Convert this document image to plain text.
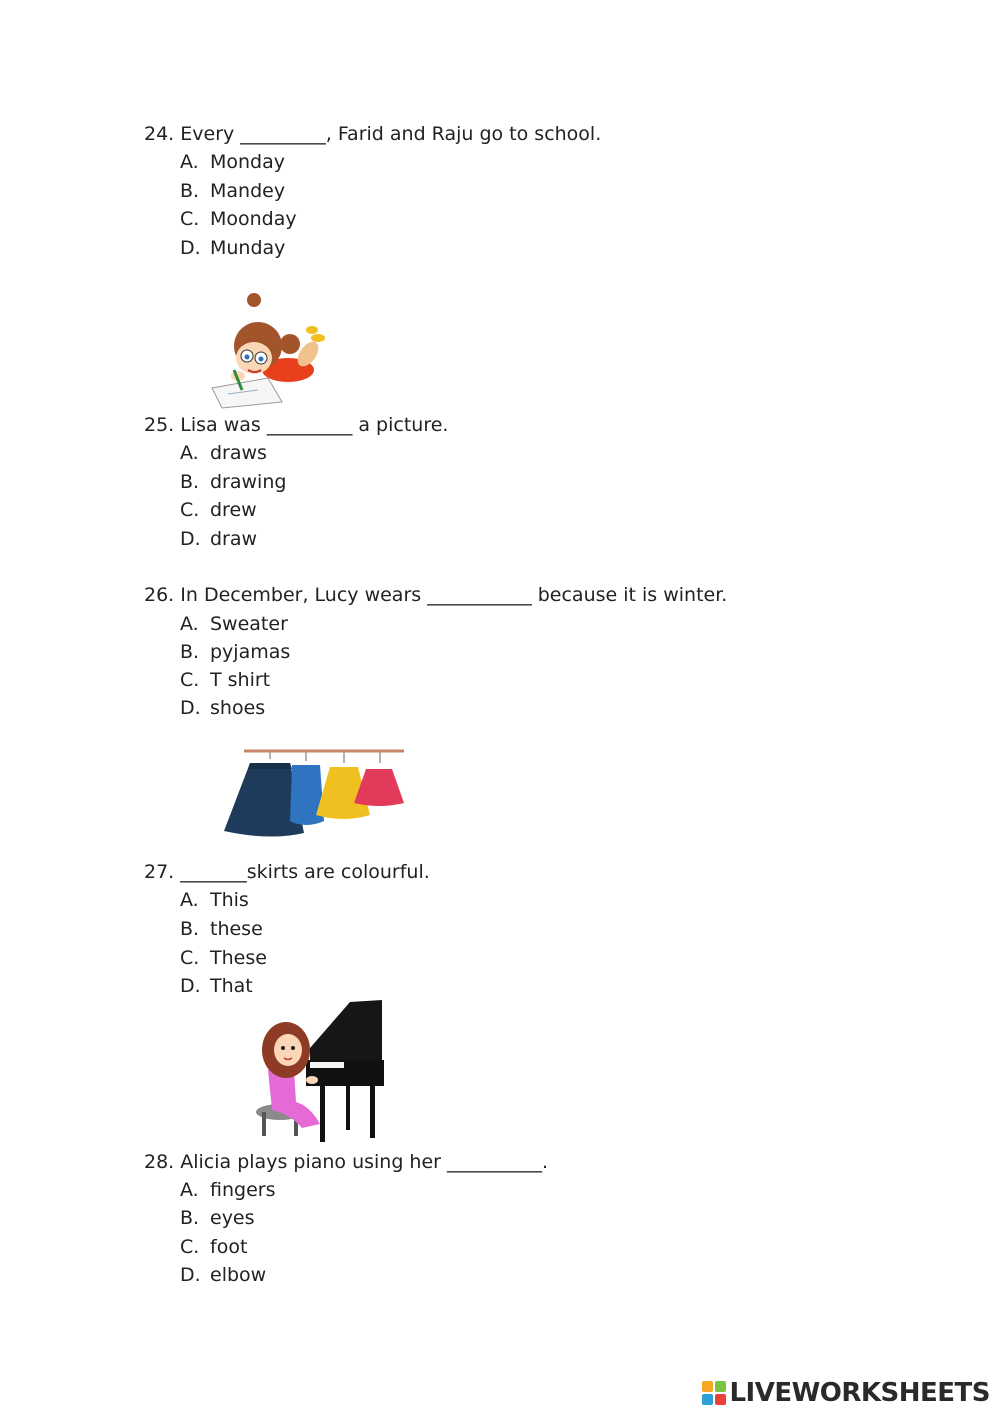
24. Every _________, Farid and Raju go to school.
A. Monday
B. Mandey
C. Moonday
D. Munday
25. Lisa was _________ a picture.
A. draws
B. drawing
C. drew
D. draw
26. In December, Lucy wears ___________ because it is winter.
A. Sweater
B. pyjamas
C. T shirt
D. shoes
27. _______skirts are colourful.
A. This
B. these
C. These
D. That
28. Alicia plays piano using her __________.
A. fingers
B. eyes
C. foot
D. elbow
LIVEWORKSHEETS
